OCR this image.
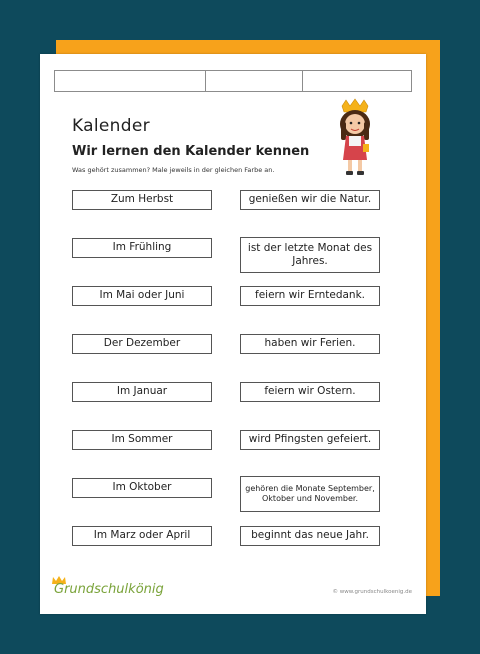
Kalender
Wir lernen den Kalender kennen
Was gehört zusammen? Male jeweils in der gleichen Farbe an.
Zum Herbst	genießen wir die Natur.
Im Frühling	ist der letzte Monat des Jahres.
Im Mai oder Juni	feiern wir Erntedank.
Der Dezember	haben wir Ferien.
Im Januar	feiern wir Ostern.
Im Sommer	wird Pfingsten gefeiert.
Im Oktober	gehören die Monate September, Oktober und November.
Im Marz oder April	beginnt das neue Jahr.
Grundschulkönig	© www.grundschulkoenig.de
